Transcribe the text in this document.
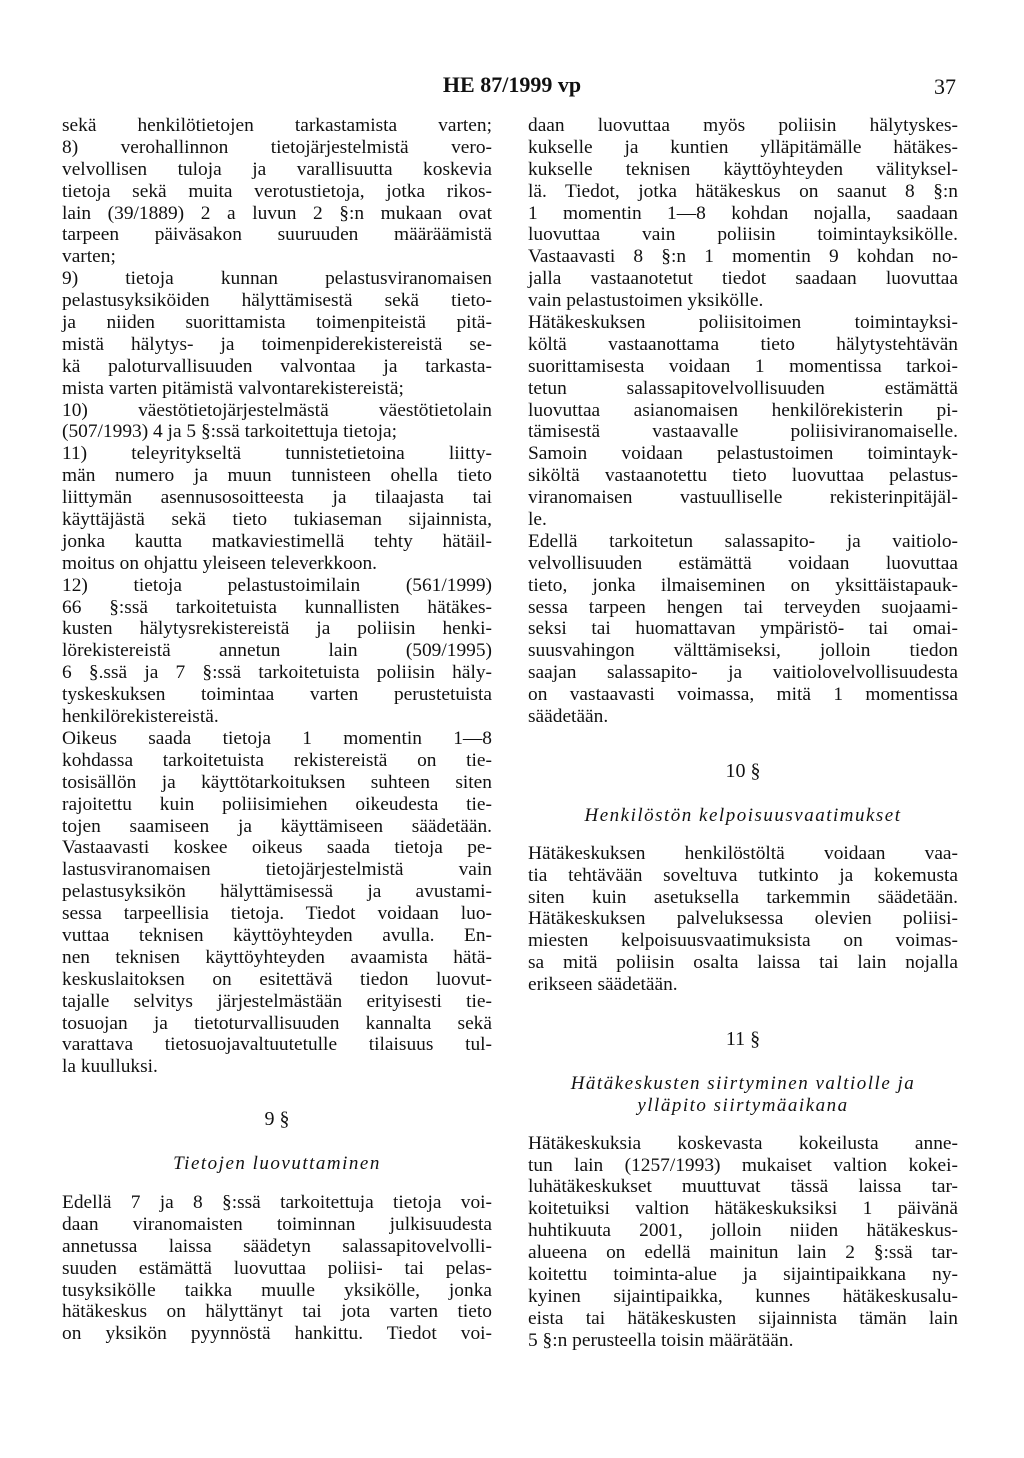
HE 87/1999 vp	37
sekä henkilötietojen tarkastamista varten;
8) verohallinnon tietojärjestelmistä vero-
velvollisen tuloja ja varallisuutta koskevia
tietoja sekä muita verotustietoja, jotka rikos-
lain (39/1889) 2 a luvun 2 §:n mukaan ovat
tarpeen päiväsakon suuruuden määräämistä
varten;
9) tietoja kunnan pelastusviranomaisen
pelastusyksiköiden hälyttämisestä sekä tieto-
ja niiden suorittamista toimenpiteistä pitä-
mistä hälytys- ja toimenpiderekistereistä se-
kä paloturvallisuuden valvontaa ja tarkasta-
mista varten pitämistä valvontarekistereistä;
10) väestötietojärjestelmästä väestötietolain
(507/1993) 4 ja 5 §:ssä tarkoitettuja tietoja;
11) teleyritykseltä tunnistetietoina liitty-
män numero ja muun tunnisteen ohella tieto
liittymän asennusosoitteesta ja tilaajasta tai
käyttäjästä sekä tieto tukiaseman sijainnista,
jonka kautta matkaviestimellä tehty hätäil-
moitus on ohjattu yleiseen televerkkoon.
12) tietoja pelastustoimilain (561/1999)
66 §:ssä tarkoitetuista kunnallisten hätäkes-
kusten hälytysrekistereistä ja poliisin henki-
lörekistereistä annetun lain (509/1995)
6 §.ssä ja 7 §:ssä tarkoitetuista poliisin häly-
tyskeskuksen toimintaa varten perustetuista
henkilörekistereistä.
Oikeus saada tietoja 1 momentin 1—8
kohdassa tarkoitetuista rekistereistä on tie-
tosisällön ja käyttötarkoituksen suhteen siten
rajoitettu kuin poliisimiehen oikeudesta tie-
tojen saamiseen ja käyttämiseen säädetään.
Vastaavasti koskee oikeus saada tietoja pe-
lastusviranomaisen tietojärjestelmistä vain
pelastusyksikön hälyttämisessä ja avustami-
sessa tarpeellisia tietoja. Tiedot voidaan luo-
vuttaa teknisen käyttöyhteyden avulla. En-
nen teknisen käyttöyhteyden avaamista hätä-
keskuslaitoksen on esitettävä tiedon luovut-
tajalle selvitys järjestelmästään erityisesti tie-
tosuojan ja tietoturvallisuuden kannalta sekä
varattava tietosuojavaltuutetulle tilaisuus tul-
la kuulluksi.
9 §
Tietojen luovuttaminen
Edellä 7 ja 8 §:ssä tarkoitettuja tietoja voi-
daan viranomaisten toiminnan julkisuudesta
annetussa laissa säädetyn salassapitovelvolli-
suuden estämättä luovuttaa poliisi- tai pelas-
tusyksikölle taikka muulle yksikölle, jonka
hätäkeskus on hälyttänyt tai jota varten tieto
on yksikön pyynnöstä hankittu. Tiedot voi-
daan luovuttaa myös poliisin hälytyskes-
kukselle ja kuntien ylläpitämälle hätäkes-
kukselle teknisen käyttöyhteyden välityksel-
lä. Tiedot, jotka hätäkeskus on saanut 8 §:n
1 momentin 1—8 kohdan nojalla, saadaan
luovuttaa vain poliisin toimintayksikölle.
Vastaavasti 8 §:n 1 momentin 9 kohdan no-
jalla vastaanotetut tiedot saadaan luovuttaa
vain pelastustoimen yksikölle.
Hätäkeskuksen poliisitoimen toimintayksi-
költä vastaanottama tieto hälytystehtävän
suorittamisesta voidaan 1 momentissa tarkoi-
tetun salassapitovelvollisuuden estämättä
luovuttaa asianomaisen henkilörekisterin pi-
tämisestä vastaavalle poliisiviranomaiselle.
Samoin voidaan pelastustoimen toimintayk-
siköltä vastaanotettu tieto luovuttaa pelastus-
viranomaisen vastuulliselle rekisterinpitäjäl-
le.
Edellä tarkoitetun salassapito- ja vaitiolo-
velvollisuuden estämättä voidaan luovuttaa
tieto, jonka ilmaiseminen on yksittäistapauk-
sessa tarpeen hengen tai terveyden suojaami-
seksi tai huomattavan ympäristö- tai omai-
suusvahingon välttämiseksi, jolloin tiedon
saajan salassapito- ja vaitiolovelvollisuudesta
on vastaavasti voimassa, mitä 1 momentissa
säädetään.
10 §
Henkilöstön kelpoisuusvaatimukset
Hätäkeskuksen henkilöstöltä voidaan vaa-
tia tehtävään soveltuva tutkinto ja kokemusta
siten kuin asetuksella tarkemmin säädetään.
Hätäkeskuksen palveluksessa olevien poliisi-
miesten kelpoisuusvaatimuksista on voimas-
sa mitä poliisin osalta laissa tai lain nojalla
erikseen säädetään.
11 §
Hätäkeskusten siirtyminen valtiolle ja
ylläpito siirtymäaikana
Hätäkeskuksia koskevasta kokeilusta anne-
tun lain (1257/1993) mukaiset valtion kokei-
luhätäkeskukset muuttuvat tässä laissa tar-
koitetuiksi valtion hätäkeskuksiksi 1 päivänä
huhtikuuta 2001, jolloin niiden hätäkeskus-
alueena on edellä mainitun lain 2 §:ssä tar-
koitettu toiminta-alue ja sijaintipaikkana ny-
kyinen sijaintipaikka, kunnes hätäkeskusalu-
eista tai hätäkeskusten sijainnista tämän lain
5 §:n perusteella toisin määrätään.
